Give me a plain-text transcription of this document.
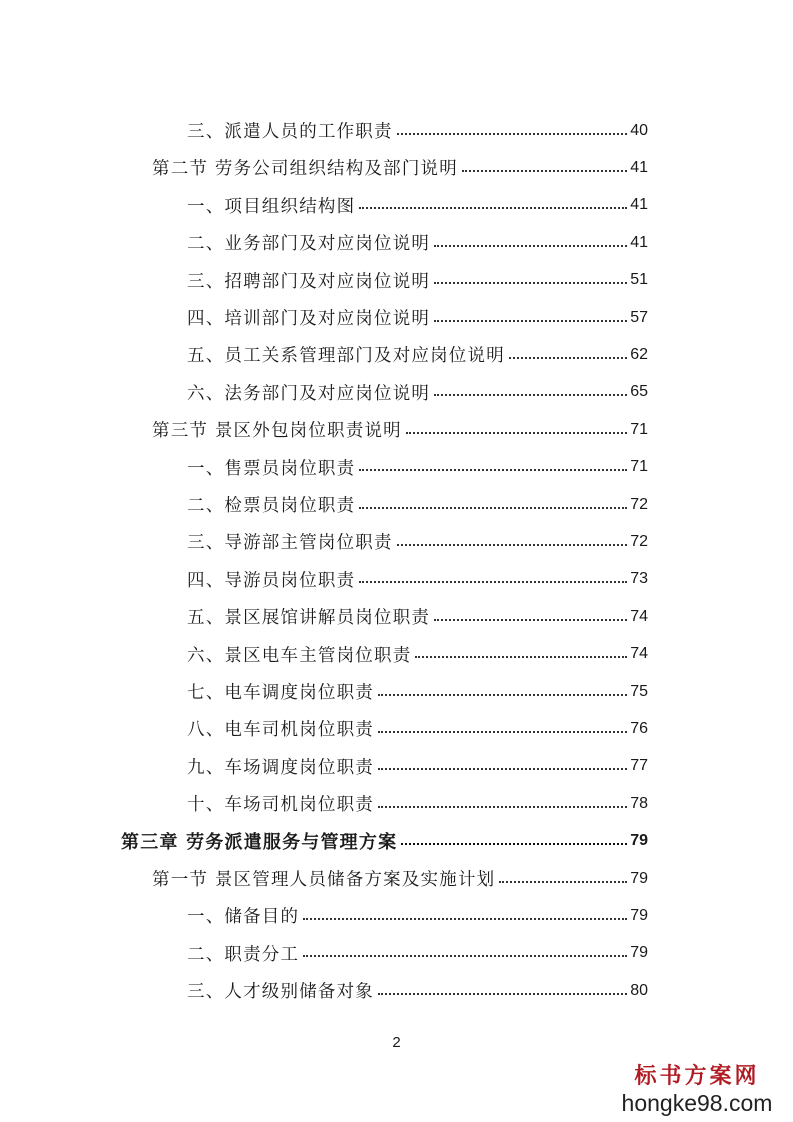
三、派遣人员的工作职责	40
第二节 劳务公司组织结构及部门说明	41
一、项目组织结构图	41
二、业务部门及对应岗位说明	41
三、招聘部门及对应岗位说明	51
四、培训部门及对应岗位说明	57
五、员工关系管理部门及对应岗位说明	62
六、法务部门及对应岗位说明	65
第三节 景区外包岗位职责说明	71
一、售票员岗位职责	71
二、检票员岗位职责	72
三、导游部主管岗位职责	72
四、导游员岗位职责	73
五、景区展馆讲解员岗位职责	74
六、景区电车主管岗位职责	74
七、电车调度岗位职责	75
八、电车司机岗位职责	76
九、车场调度岗位职责	77
十、车场司机岗位职责	78
第三章 劳务派遣服务与管理方案	79
第一节 景区管理人员储备方案及实施计划	79
一、储备目的	79
二、职责分工	79
三、人才级别储备对象	80
2
标书方案网
hongke98.com
